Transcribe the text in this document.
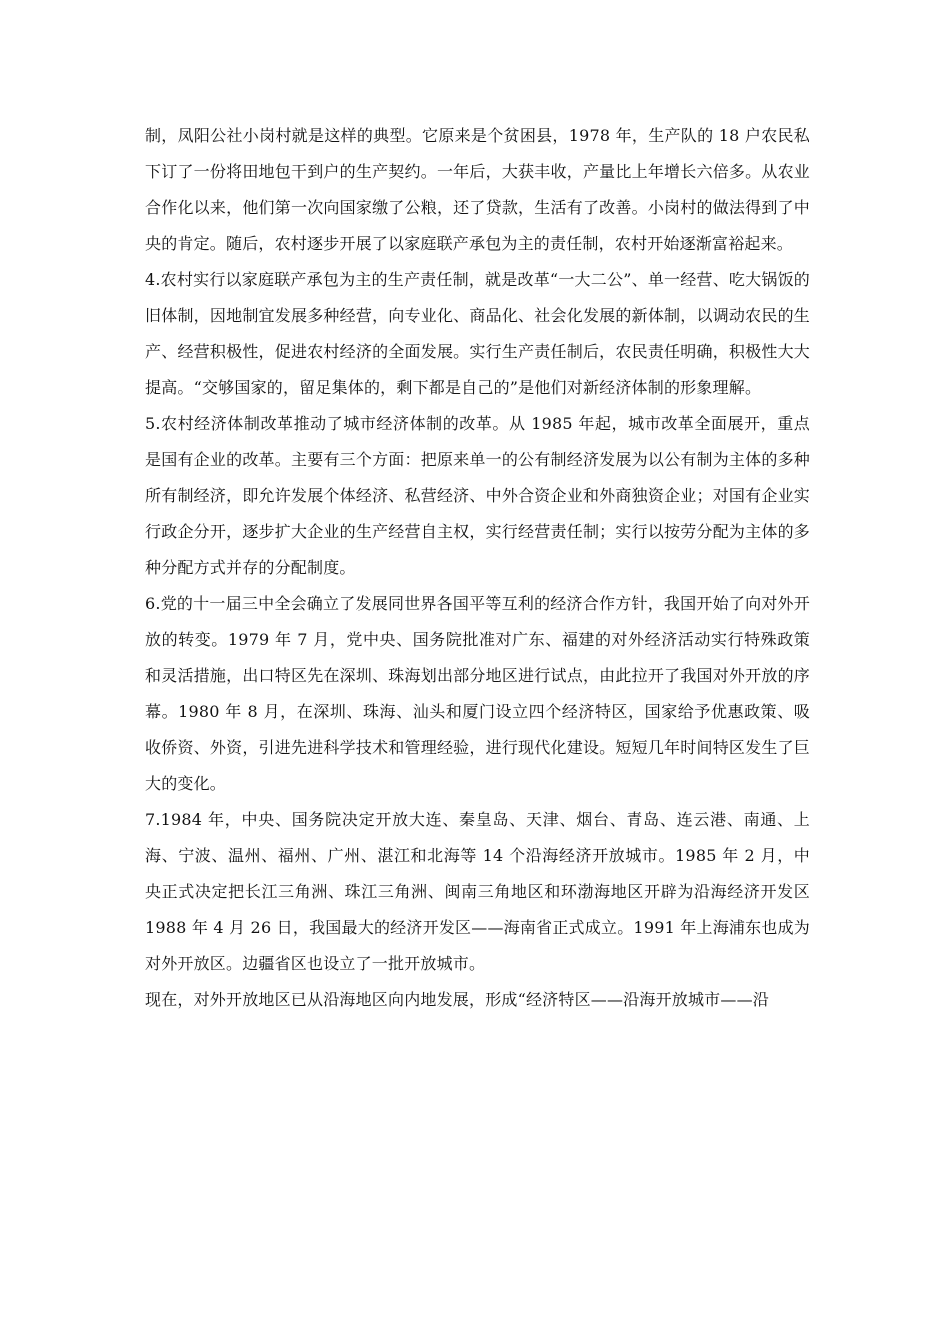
制，凤阳公社小岗村就是这样的典型。它原来是个贫困县，1978 年，生产队的 18 户农民私下订了一份将田地包干到户的生产契约。一年后，大获丰收，产量比上年增长六倍多。从农业合作化以来，他们第一次向国家缴了公粮，还了贷款，生活有了改善。小岗村的做法得到了中央的肯定。随后，农村逐步开展了以家庭联产承包为主的责任制，农村开始逐渐富裕起来。

4.农村实行以家庭联产承包为主的生产责任制，就是改革“一大二公”、单一经营、吃大锅饭的旧体制，因地制宜发展多种经营，向专业化、商品化、社会化发展的新体制，以调动农民的生产、经营积极性，促进农村经济的全面发展。实行生产责任制后，农民责任明确，积极性大大提高。“交够国家的，留足集体的，剩下都是自己的”是他们对新经济体制的形象理解。

5.农村经济体制改革推动了城市经济体制的改革。从 1985 年起，城市改革全面展开，重点是国有企业的改革。主要有三个方面：把原来单一的公有制经济发展为以公有制为主体的多种所有制经济，即允许发展个体经济、私营经济、中外合资企业和外商独资企业；对国有企业实行政企分开，逐步扩大企业的生产经营自主权，实行经营责任制；实行以按劳分配为主体的多种分配方式并存的分配制度。

6.党的十一届三中全会确立了发展同世界各国平等互利的经济合作方针，我国开始了向对外开放的转变。1979 年 7 月，党中央、国务院批准对广东、福建的对外经济活动实行特殊政策和灵活措施，出口特区先在深圳、珠海划出部分地区进行试点，由此拉开了我国对外开放的序幕。1980 年 8 月，在深圳、珠海、汕头和厦门设立四个经济特区，国家给予优惠政策、吸收侨资、外资，引进先进科学技术和管理经验，进行现代化建设。短短几年时间特区发生了巨大的变化。

7.1984 年，中央、国务院决定开放大连、秦皇岛、天津、烟台、青岛、连云港、南通、上海、宁波、温州、福州、广州、湛江和北海等 14 个沿海经济开放城市。1985 年 2 月，中央正式决定把长江三角洲、珠江三角洲、闽南三角地区和环渤海地区开辟为沿海经济开发区 1988 年 4 月 26 日，我国最大的经济开发区——海南省正式成立。1991 年上海浦东也成为对外开放区。边疆省区也设立了一批开放城市。

现在，对外开放地区已从沿海地区向内地发展，形成“经济特区——沿海开放城市——沿
